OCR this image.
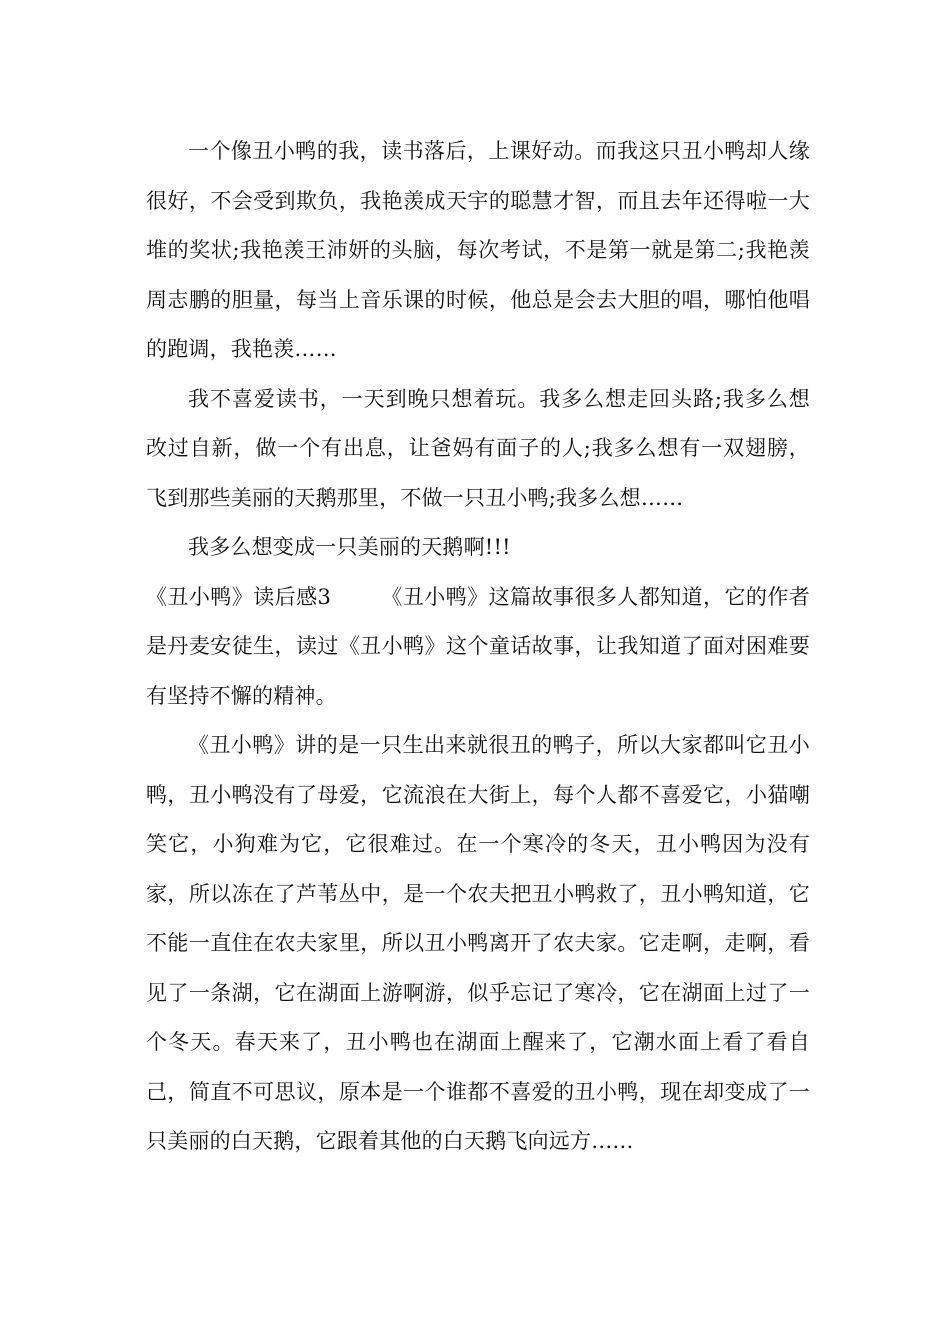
一个像丑小鸭的我，读书落后，上课好动。而我这只丑小鸭却人缘很好，不会受到欺负，我艳羡成天宇的聪慧才智，而且去年还得啦一大堆的奖状;我艳羡王沛妍的头脑，每次考试，不是第一就是第二;我艳羡周志鹏的胆量，每当上音乐课的时候，他总是会去大胆的唱，哪怕他唱的跑调，我艳羡……

我不喜爱读书，一天到晚只想着玩。我多么想走回头路;我多么想改过自新，做一个有出息，让爸妈有面子的人;我多么想有一双翅膀，飞到那些美丽的天鹅那里，不做一只丑小鸭;我多么想……

我多么想变成一只美丽的天鹅啊!!!

《丑小鸭》读后感3 《丑小鸭》这篇故事很多人都知道，它的作者是丹麦安徒生，读过《丑小鸭》这个童话故事，让我知道了面对困难要有坚持不懈的精神。

《丑小鸭》讲的是一只生出来就很丑的鸭子，所以大家都叫它丑小鸭，丑小鸭没有了母爱，它流浪在大街上，每个人都不喜爱它，小猫嘲笑它，小狗难为它，它很难过。在一个寒冷的冬天，丑小鸭因为没有家，所以冻在了芦苇丛中，是一个农夫把丑小鸭救了，丑小鸭知道，它不能一直住在农夫家里，所以丑小鸭离开了农夫家。它走啊，走啊，看见了一条湖，它在湖面上游啊游，似乎忘记了寒冷，它在湖面上过了一个冬天。春天来了，丑小鸭也在湖面上醒来了，它潮水面上看了看自己，简直不可思议，原本是一个谁都不喜爱的丑小鸭，现在却变成了一只美丽的白天鹅，它跟着其他的白天鹅飞向远方……
